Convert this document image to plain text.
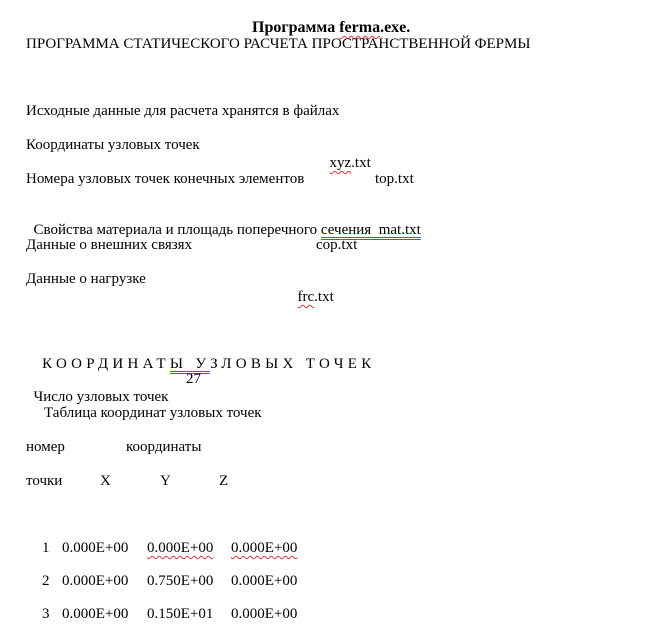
Программа ferma.exe.

ПРОГРАММА СТАТИЧЕСКОГО РАСЧЕТА ПРОСТРАНСТВЕННОЙ ФЕРМЫ
Исходные данные для расчета хранятся в файлах
Координаты узловых точек

xyz.txt

Номера узловых точек конечных элементов	top.txt

Свойства материала и площадь поперечного сечения  mat.txt

Данные о внешних связях	cop.txt
Данные о нагрузке

frc.txt

КООРДИНАТЫ УЗЛОВЫХ ТОЧЕК

Число узловых точек

27
Таблица координат узловых точек
номер	координаты
точки	X	Y	Z
1 0.000E+00 0.000E+00 0.000E+00
2 0.000E+00 0.750E+00 0.000E+00
3 0.000E+00 0.150E+01 0.000E+00
